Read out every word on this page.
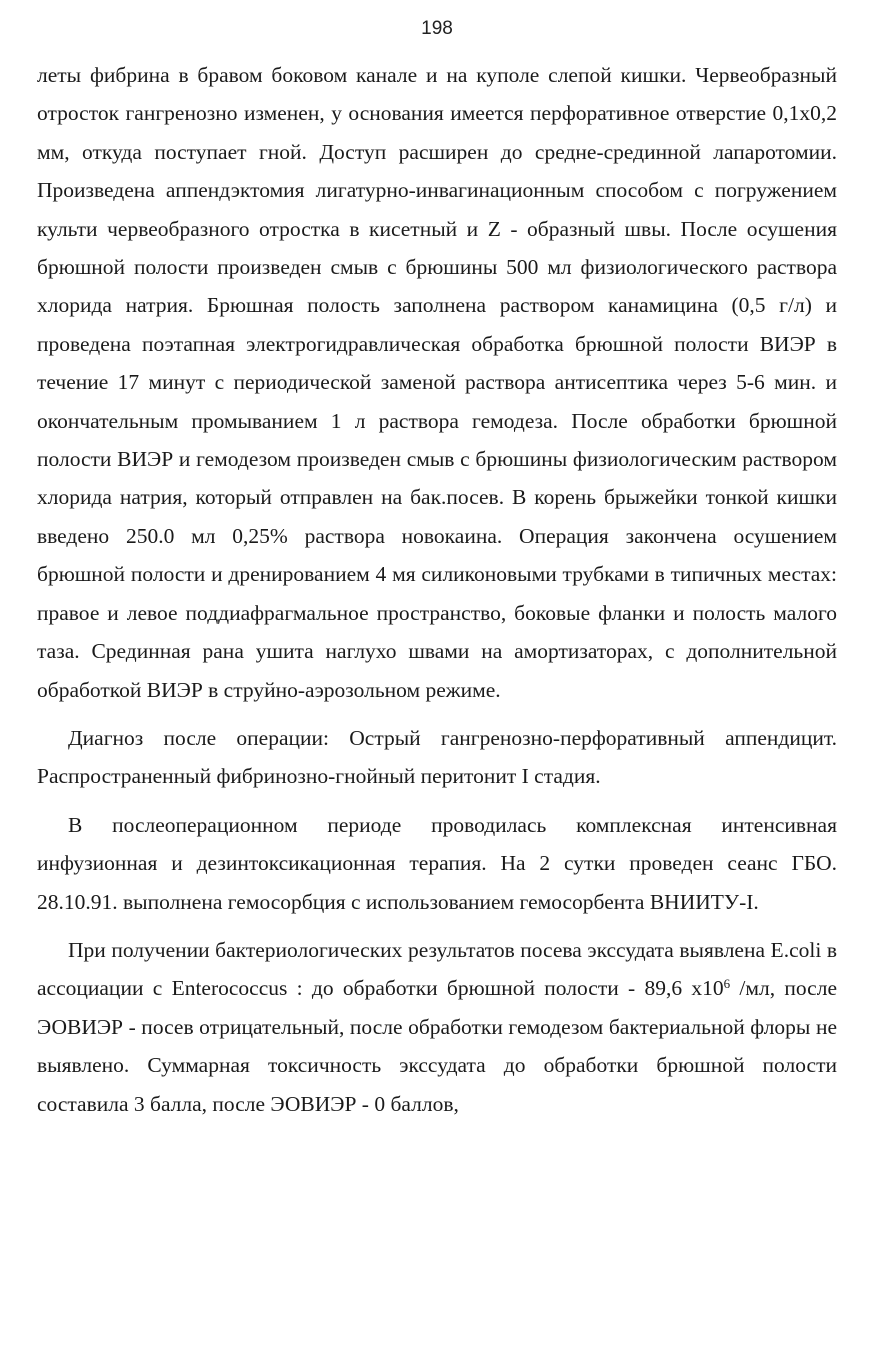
198

леты фибрина в бравом боковом канале и на куполе слепой кишки. Червеобразный отросток гангренозно изменен, у основания имеется перфоративное отверстие 0,1х0,2 мм, откуда поступает гной. Доступ расширен до средне-срединной лапаротомии. Произведена аппендэктомия лигатурно-инвагинационным способом с погружением культи червеобразного отростка в кисетный и Z - образный швы. После осушения брюшной полости произведен смыв с брюшины 500 мл физиологического раствора хлорида натрия. Брюшная полость заполнена раствором канамицина (0,5 г/л) и проведена поэтапная электрогидравлическая обработка брюшной полости ВИЭР в течение 17 минут с периодической заменой раствора антисептика через 5-6 мин. и окончательным промыванием 1 л раствора гемодеза. После обработки брюшной полости ВИЭР и гемодезом произведен смыв с брюшины физиологическим раствором хлорида натрия, который отправлен на бак.посев. В корень брыжейки тонкой кишки введено 250.0 мл 0,25% раствора новокаина. Операция закончена осушением брюшной полости и дренированием 4 мя силиконовыми трубками в типичных местах: правое и левое поддиафрагмальное пространство, боковые фланки и полость малого таза. Срединная рана ушита наглухо швами на амортизаторах, с дополнительной обработкой ВИЭР в струйно-аэрозольном режиме.

Диагноз после операции: Острый гангренозно-перфоративный аппендицит. Распространенный фибринозно-гнойный перитонит I стадия.

В послеоперационном периоде проводилась комплексная интенсивная инфузионная и дезинтоксикационная терапия. На 2 сутки проведен сеанс ГБО. 28.10.91. выполнена гемосорбция с использованием гемосорбента ВНИИТУ-I.

При получении бактериологических результатов посева экссудата выявлена E.coli в ассоциации с Enterococcus : до обработки брюшной полости - 89,6 $х10^6$ /мл, после ЭОВИЭР - посев отрицательный, после обработки гемодезом бактериальной флоры не выявлено. Суммарная токсичность экссудата до обработки брюшной полости составила 3 балла, после ЭОВИЭР - 0 баллов,
